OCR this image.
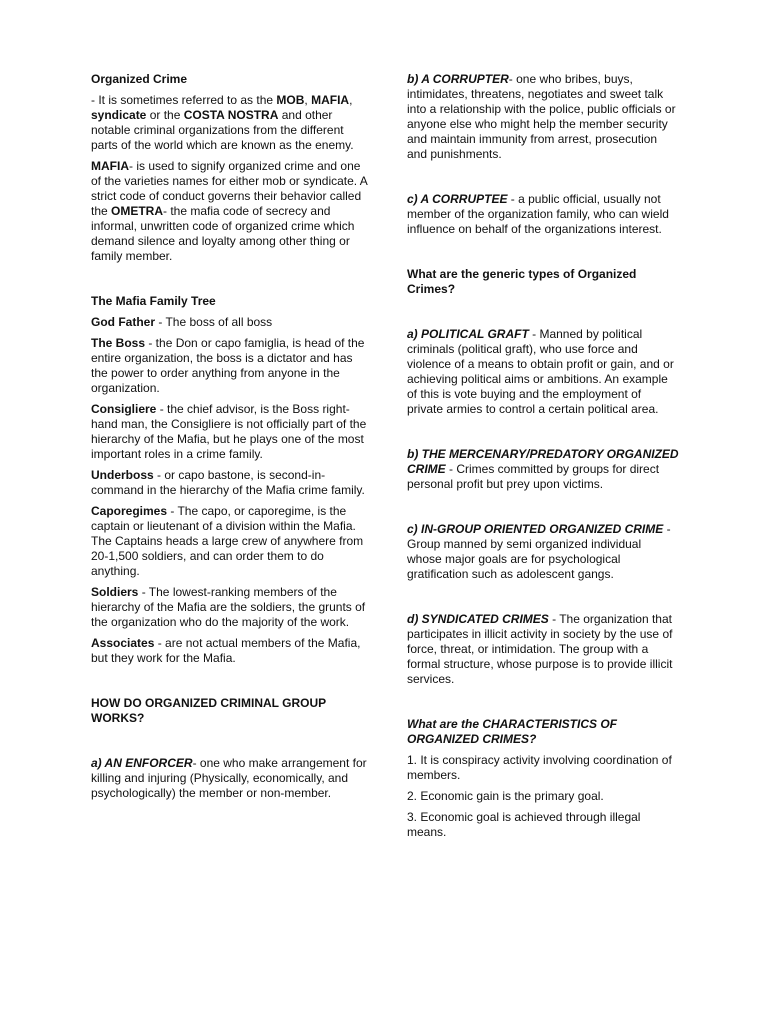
Organized Crime

- It is sometimes referred to as the MOB, MAFIA, syndicate or the COSTA NOSTRA and other notable criminal organizations from the different parts of the world which are known as the enemy.

MAFIA- is used to signify organized crime and one of the varieties names for either mob or syndicate. A strict code of conduct governs their behavior called the OMETRA- the mafia code of secrecy and informal, unwritten code of organized crime which demand silence and loyalty among other thing or family member.

The Mafia Family Tree

God Father - The boss of all boss

The Boss - the Don or capo famiglia, is head of the entire organization, the boss is a dictator and has the power to order anything from anyone in the organization.

Consigliere - the chief advisor, is the Boss right-hand man, the Consigliere is not officially part of the hierarchy of the Mafia, but he plays one of the most important roles in a crime family.

Underboss - or capo bastone, is second-in-command in the hierarchy of the Mafia crime family.

Caporegimes - The capo, or caporegime, is the captain or lieutenant of a division within the Mafia. The Captains heads a large crew of anywhere from 20-1,500 soldiers, and can order them to do anything.

Soldiers - The lowest-ranking members of the hierarchy of the Mafia are the soldiers, the grunts of the organization who do the majority of the work.

Associates - are not actual members of the Mafia, but they work for the Mafia.

HOW DO ORGANIZED CRIMINAL GROUP WORKS?

a) AN ENFORCER- one who make arrangement for killing and injuring (Physically, economically, and psychologically) the member or non-member.

b) A CORRUPTER- one who bribes, buys, intimidates, threatens, negotiates and sweet talk into a relationship with the police, public officials or anyone else who might help the member security and maintain immunity from arrest, prosecution and punishments.

c) A CORRUPTEE - a public official, usually not member of the organization family, who can wield influence on behalf of the organizations interest.

What are the generic types of Organized Crimes?

a) POLITICAL GRAFT - Manned by political criminals (political graft), who use force and violence of a means to obtain profit or gain, and or achieving political aims or ambitions. An example of this is vote buying and the employment of private armies to control a certain political area.

b) THE MERCENARY/PREDATORY ORGANIZED CRIME - Crimes committed by groups for direct personal profit but prey upon victims.

c) IN-GROUP ORIENTED ORGANIZED CRIME - Group manned by semi organized individual whose major goals are for psychological gratification such as adolescent gangs.

d) SYNDICATED CRIMES - The organization that participates in illicit activity in society by the use of force, threat, or intimidation. The group with a formal structure, whose purpose is to provide illicit services.

What are the CHARACTERISTICS OF ORGANIZED CRIMES?

1. It is conspiracy activity involving coordination of members.

2. Economic gain is the primary goal.

3. Economic goal is achieved through illegal means.
